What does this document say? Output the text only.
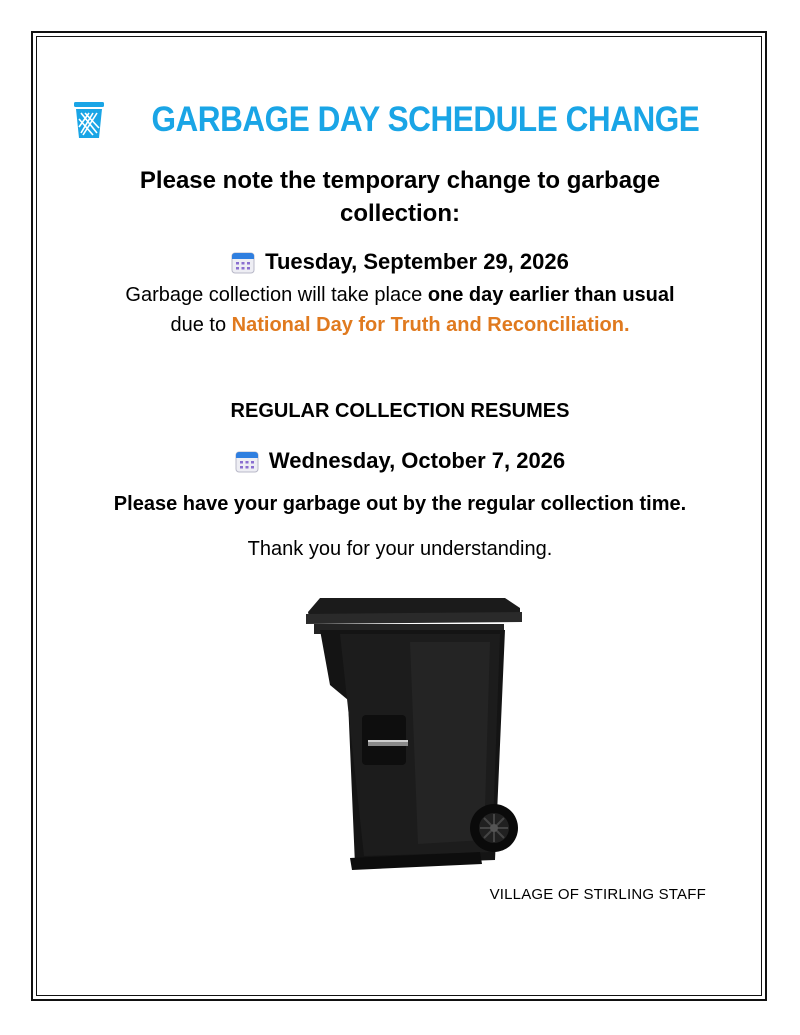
GARBAGE DAY SCHEDULE CHANGE
Please note the temporary change to garbage
collection:
Tuesday, September 29, 2026
Garbage collection will take place one day earlier than usual
due to National Day for Truth and Reconciliation.
REGULAR COLLECTION RESUMES
Wednesday, October 7, 2026
Please have your garbage out by the regular collection time.
Thank you for your understanding.
VILLAGE OF STIRLING STAFF
